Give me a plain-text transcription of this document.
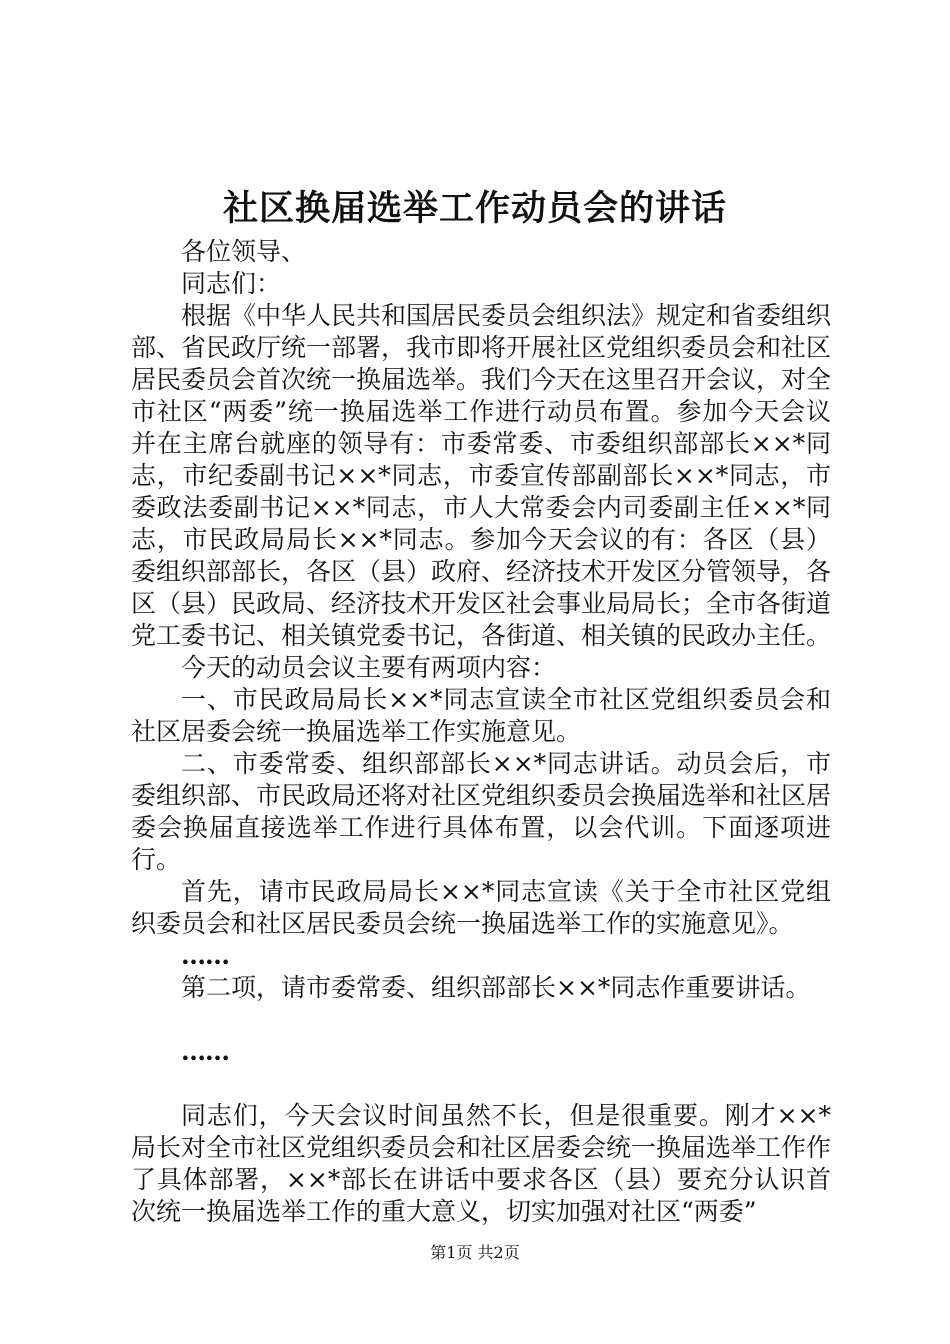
社区换届选举工作动员会的讲话

各位领导、

同志们：

根据《中华人民共和国居民委员会组织法》规定和省委组织部、省民政厅统一部署，我市即将开展社区党组织委员会和社区居民委员会首次统一换届选举。我们今天在这里召开会议，对全市社区“两委”统一换届选举工作进行动员布置。参加今天会议并在主席台就座的领导有：市委常委、市委组织部部长××*同志，市纪委副书记××*同志，市委宣传部副部长××*同志，市委政法委副书记××*同志，市人大常委会内司委副主任××*同志，市民政局局长××*同志。参加今天会议的有：各区（县）委组织部部长，各区（县）政府、经济技术开发区分管领导，各区（县）民政局、经济技术开发区社会事业局局长；全市各街道党工委书记、相关镇党委书记，各街道、相关镇的民政办主任。

今天的动员会议主要有两项内容：

一、市民政局局长××*同志宣读全市社区党组织委员会和社区居委会统一换届选举工作实施意见。

二、市委常委、组织部部长××*同志讲话。动员会后，市委组织部、市民政局还将对社区党组织委员会换届选举和社区居委会换届直接选举工作进行具体布置，以会代训。下面逐项进行。

首先，请市民政局局长××*同志宣读《关于全市社区党组织委员会和社区居民委员会统一换届选举工作的实施意见》。

……

第二项，请市委常委、组织部部长××*同志作重要讲话。

……

同志们，今天会议时间虽然不长，但是很重要。刚才××*局长对全市社区党组织委员会和社区居委会统一换届选举工作作了具体部署，××*部长在讲话中要求各区（县）要充分认识首次统一换届选举工作的重大意义，切实加强对社区“两委”

第1页 共2页
